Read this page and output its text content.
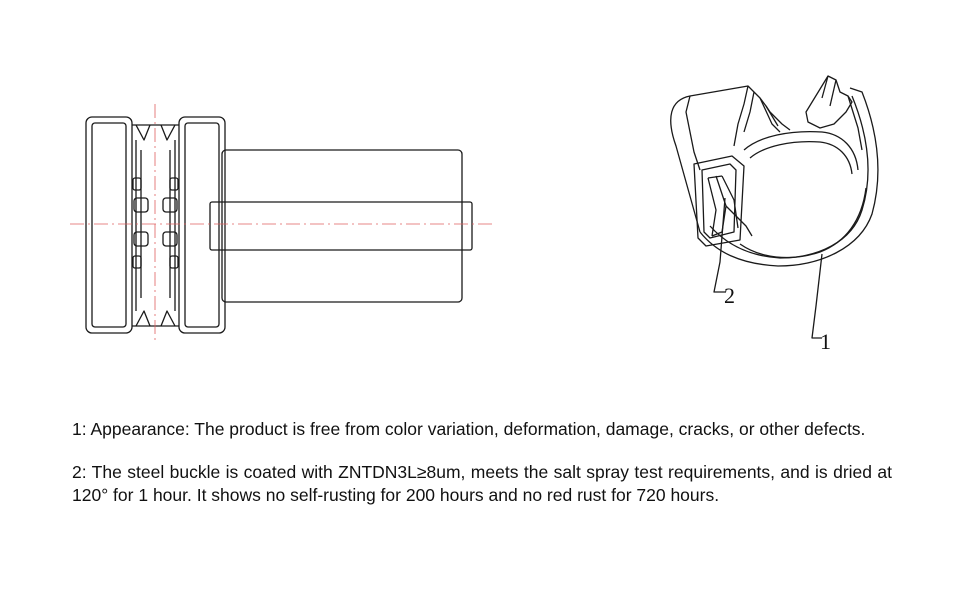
2
1

1: Appearance: The product is free from color variation, deformation, damage, cracks, or other defects.

2: The steel buckle is coated with ZNTDN3L≥8um, meets the salt spray test requirements, and is dried at 120° for 1 hour. It shows no self-rusting for 200 hours and no red rust for 720 hours.
